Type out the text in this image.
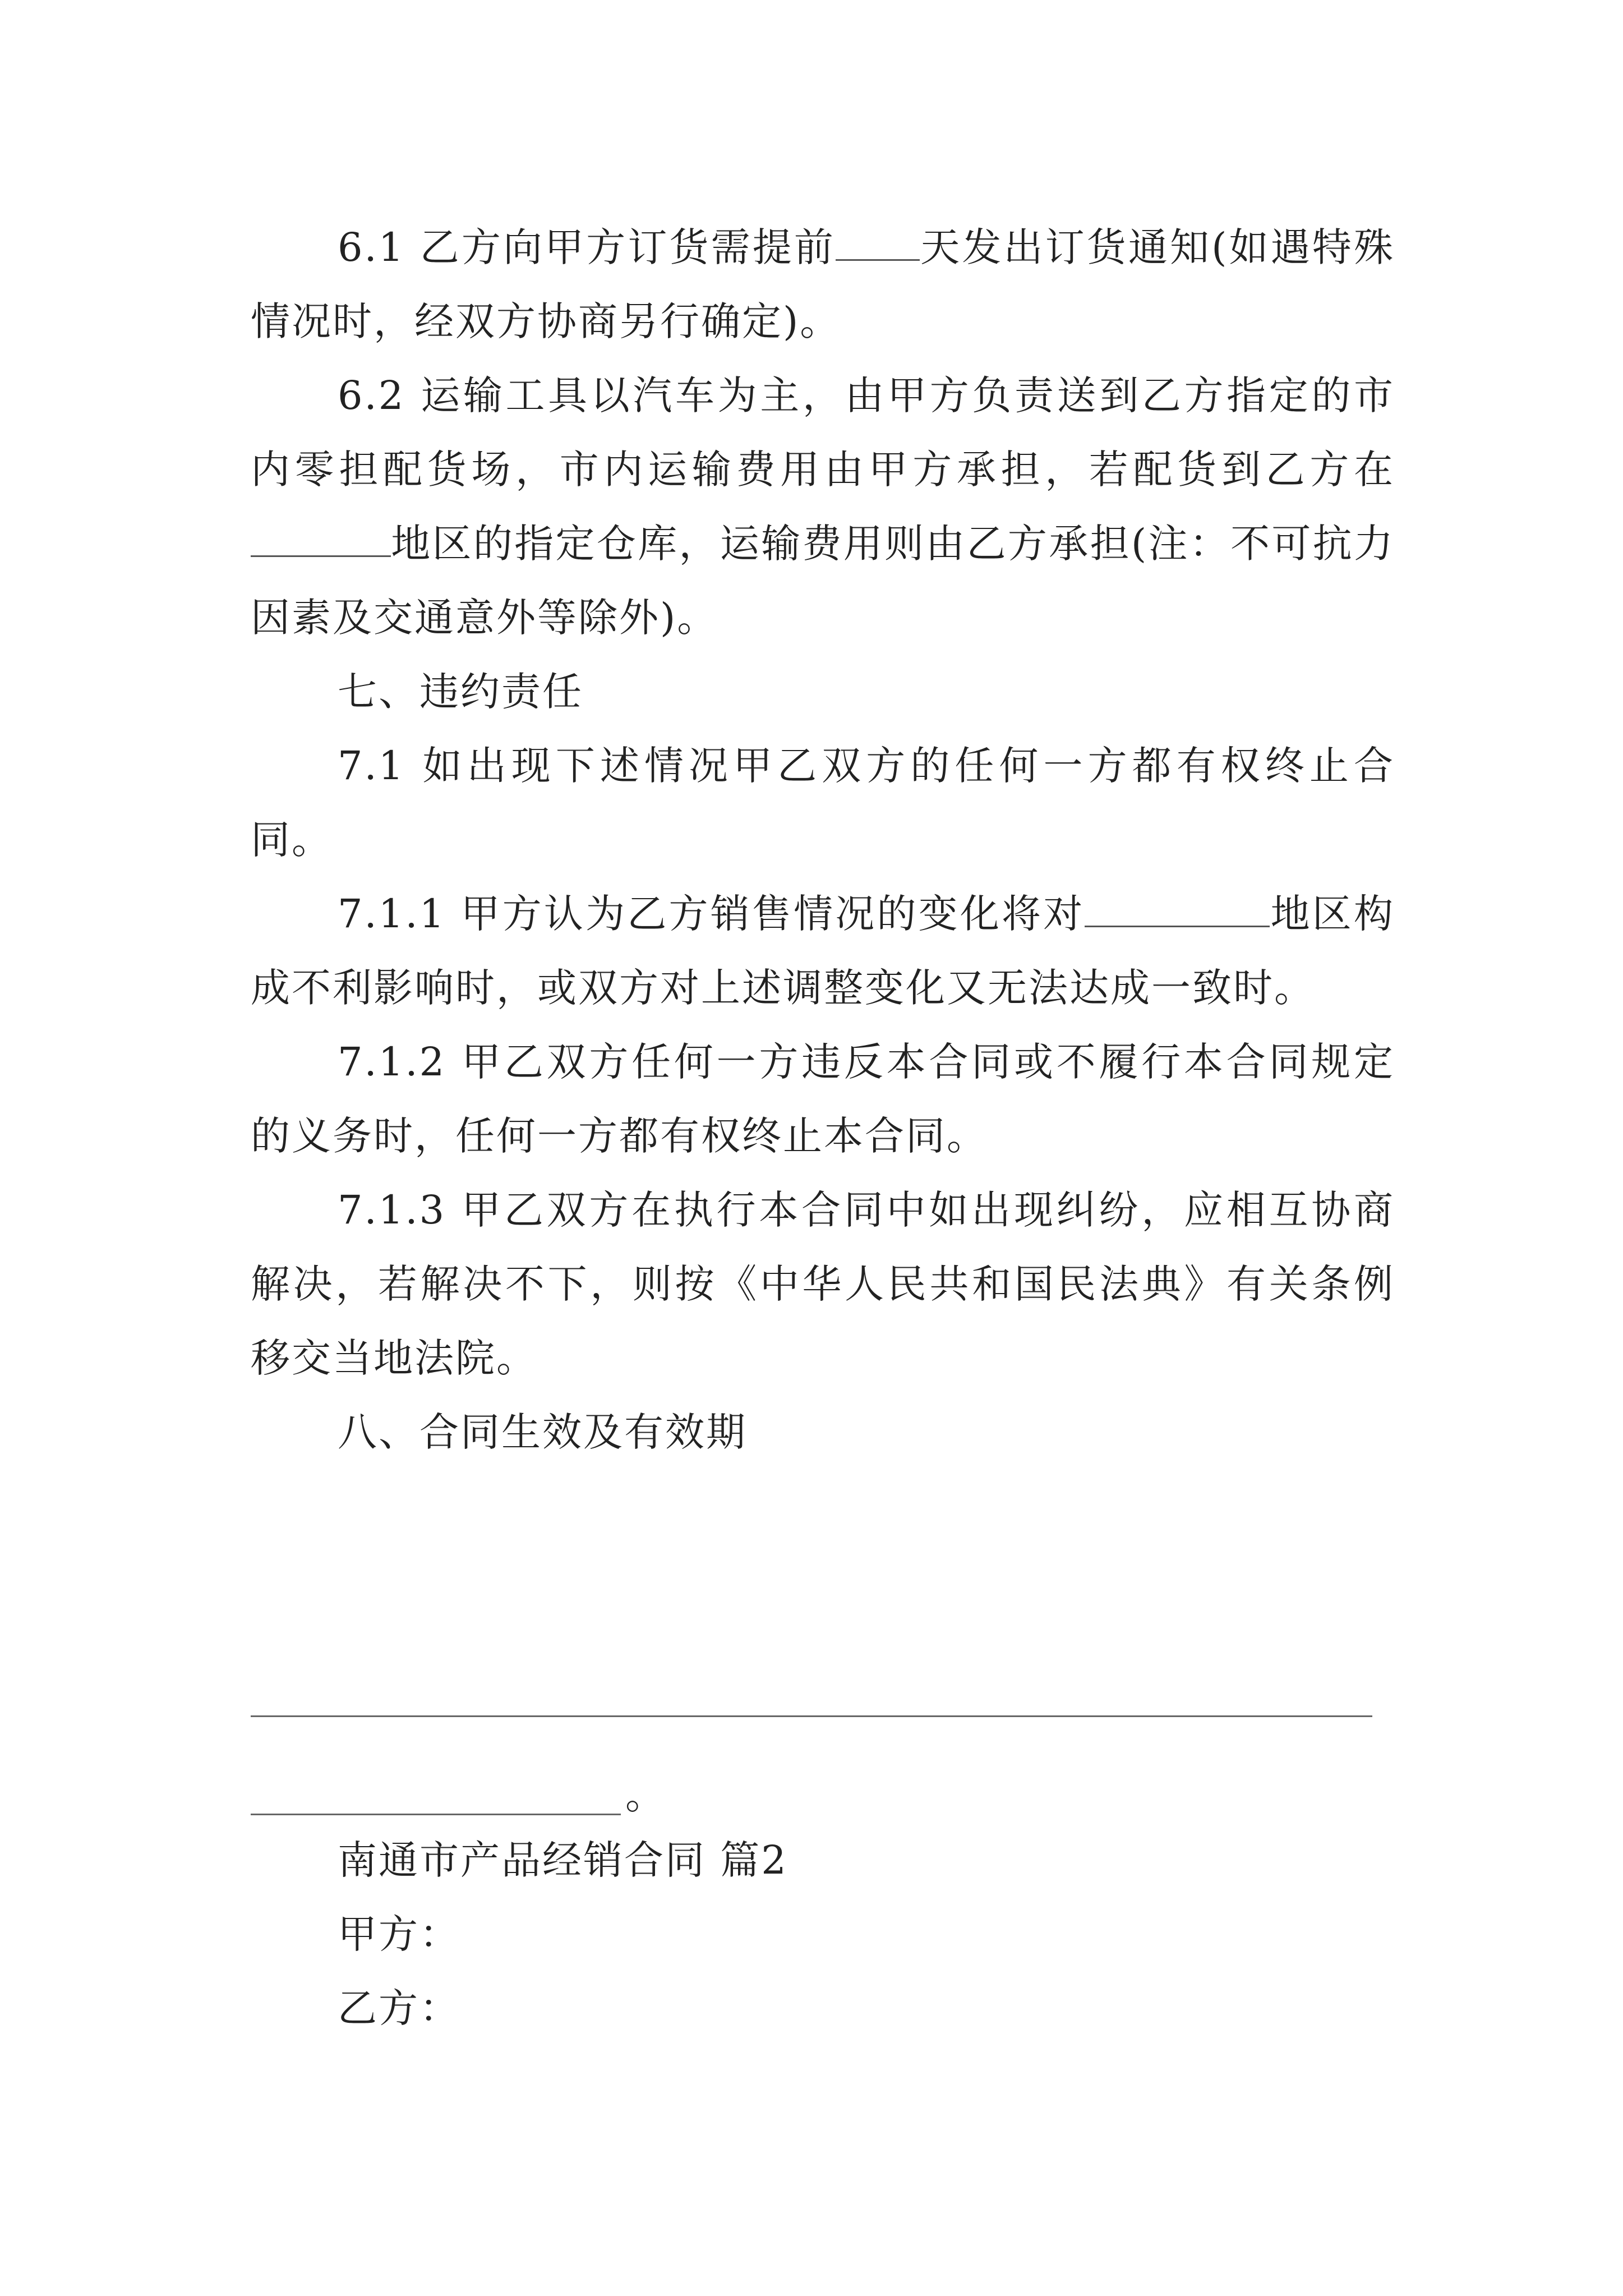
6.1 乙方向甲方订货需提前 天发出订货通知(如遇特殊情况时，经双方协商另行确定)。

6.2 运输工具以汽车为主，由甲方负责送到乙方指定的市内零担配货场，市内运输费用由甲方承担，若配货到乙方在地区的指定仓库，运输费用则由乙方承担(注：不可抗力因素及交通意外等除外)。

七、违约责任

7.1 如出现下述情况甲乙双方的任何一方都有权终止合同。

7.1.1 甲方认为乙方销售情况的变化将对	地区构成不利影响时，或双方对上述调整变化又无法达成一致时。

7.1.2 甲乙双方任何一方违反本合同或不履行本合同规定的义务时，任何一方都有权终止本合同。

7.1.3 甲乙双方在执行本合同中如出现纠纷，应相互协商解决，若解决不下，则按《中华人民共和国民法典》有关条例移交当地法院。

八、合同生效及有效期

。

南通市产品经销合同 篇2

甲方：

乙方：
